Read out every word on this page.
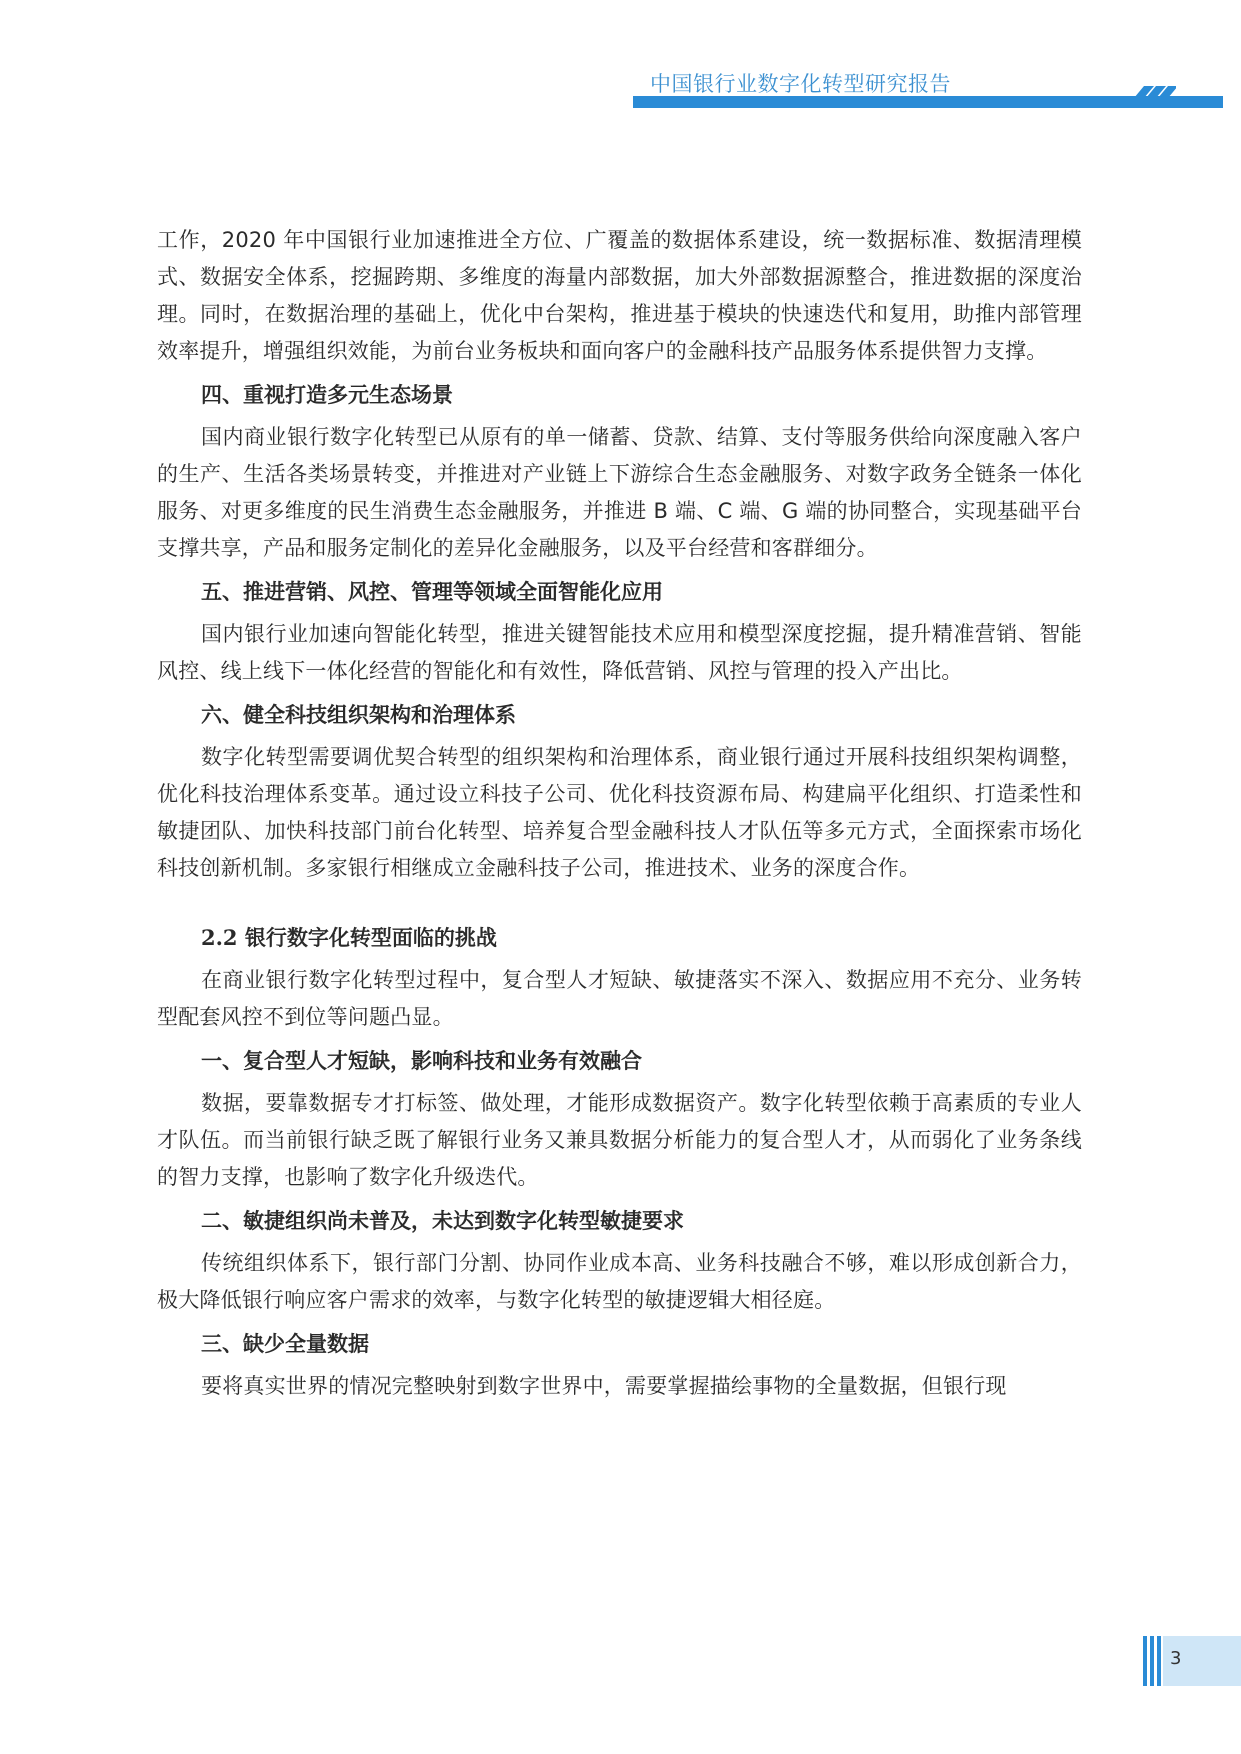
中国银行业数字化转型研究报告

工作，2020 年中国银行业加速推进全方位、广覆盖的数据体系建设，统一数据标准、数据清理模式、数据安全体系，挖掘跨期、多维度的海量内部数据，加大外部数据源整合，推进数据的深度治理。同时，在数据治理的基础上，优化中台架构，推进基于模块的快速迭代和复用，助推内部管理效率提升，增强组织效能，为前台业务板块和面向客户的金融科技产品服务体系提供智力支撑。

四、重视打造多元生态场景

国内商业银行数字化转型已从原有的单一储蓄、贷款、结算、支付等服务供给向深度融入客户的生产、生活各类场景转变，并推进对产业链上下游综合生态金融服务、对数字政务全链条一体化服务、对更多维度的民生消费生态金融服务，并推进 B 端、C 端、G 端的协同整合，实现基础平台支撑共享，产品和服务定制化的差异化金融服务，以及平台经营和客群细分。

五、推进营销、风控、管理等领域全面智能化应用

国内银行业加速向智能化转型，推进关键智能技术应用和模型深度挖掘，提升精准营销、智能风控、线上线下一体化经营的智能化和有效性，降低营销、风控与管理的投入产出比。

六、健全科技组织架构和治理体系

数字化转型需要调优契合转型的组织架构和治理体系，商业银行通过开展科技组织架构调整，优化科技治理体系变革。通过设立科技子公司、优化科技资源布局、构建扁平化组织、打造柔性和敏捷团队、加快科技部门前台化转型、培养复合型金融科技人才队伍等多元方式，全面探索市场化科技创新机制。多家银行相继成立金融科技子公司，推进技术、业务的深度合作。

2.2 银行数字化转型面临的挑战

在商业银行数字化转型过程中，复合型人才短缺、敏捷落实不深入、数据应用不充分、业务转型配套风控不到位等问题凸显。

一、复合型人才短缺，影响科技和业务有效融合

数据，要靠数据专才打标签、做处理，才能形成数据资产。数字化转型依赖于高素质的专业人才队伍。而当前银行缺乏既了解银行业务又兼具数据分析能力的复合型人才，从而弱化了业务条线的智力支撑，也影响了数字化升级迭代。

二、敏捷组织尚未普及，未达到数字化转型敏捷要求

传统组织体系下，银行部门分割、协同作业成本高、业务科技融合不够，难以形成创新合力，极大降低银行响应客户需求的效率，与数字化转型的敏捷逻辑大相径庭。

三、缺少全量数据

要将真实世界的情况完整映射到数字世界中，需要掌握描绘事物的全量数据，但银行现

3
